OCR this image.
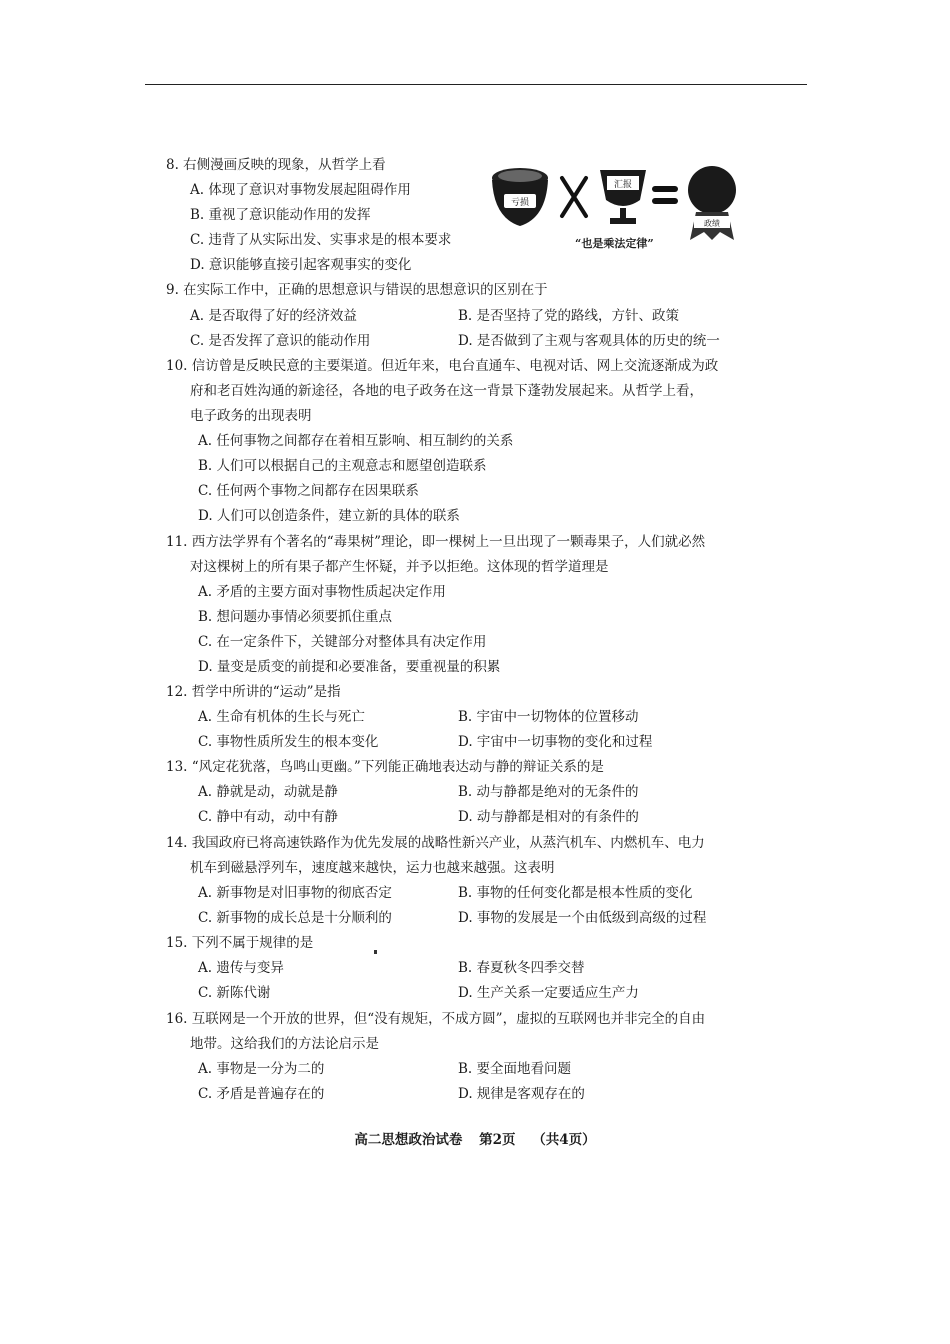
亏损
汇报
政绩
“也是乘法定律”
8. 右侧漫画反映的现象，从哲学上看
A. 体现了意识对事物发展起阻碍作用
B. 重视了意识能动作用的发挥
C. 违背了从实际出发、实事求是的根本要求
D. 意识能够直接引起客观事实的变化
9. 在实际工作中，正确的思想意识与错误的思想意识的区别在于
A. 是否取得了好的经济效益	B. 是否坚持了党的路线，方针、政策
C. 是否发挥了意识的能动作用	D. 是否做到了主观与客观具体的历史的统一
10. 信访曾是反映民意的主要渠道。但近年来，电台直通车、电视对话、网上交流逐渐成为政
府和老百姓沟通的新途径，各地的电子政务在这一背景下蓬勃发展起来。从哲学上看，
电子政务的出现表明
A. 任何事物之间都存在着相互影响、相互制约的关系
B. 人们可以根据自己的主观意志和愿望创造联系
C. 任何两个事物之间都存在因果联系
D. 人们可以创造条件，建立新的具体的联系
11. 西方法学界有个著名的“毒果树”理论，即一棵树上一旦出现了一颗毒果子，人们就必然
对这棵树上的所有果子都产生怀疑，并予以拒绝。这体现的哲学道理是
A. 矛盾的主要方面对事物性质起决定作用
B. 想问题办事情必须要抓住重点
C. 在一定条件下，关键部分对整体具有决定作用
D. 量变是质变的前提和必要准备，要重视量的积累
12. 哲学中所讲的“运动”是指
A. 生命有机体的生长与死亡	B. 宇宙中一切物体的位置移动
C. 事物性质所发生的根本变化	D. 宇宙中一切事物的变化和过程
13. “风定花犹落，鸟鸣山更幽。”下列能正确地表达动与静的辩证关系的是
A. 静就是动，动就是静	B. 动与静都是绝对的无条件的
C. 静中有动，动中有静	D. 动与静都是相对的有条件的
14. 我国政府已将高速铁路作为优先发展的战略性新兴产业，从蒸汽机车、内燃机车、电力
机车到磁悬浮列车，速度越来越快，运力也越来越强。这表明
A. 新事物是对旧事物的彻底否定	B. 事物的任何变化都是根本性质的变化
C. 新事物的成长总是十分顺利的	D. 事物的发展是一个由低级到高级的过程
15. 下列不属于规律的是
A. 遗传与变异	B. 春夏秋冬四季交替
C. 新陈代谢	D. 生产关系一定要适应生产力
16. 互联网是一个开放的世界，但“没有规矩，不成方圆”，虚拟的互联网也并非完全的自由
地带。这给我们的方法论启示是
A. 事物是一分为二的	B. 要全面地看问题
C. 矛盾是普遍存在的	D. 规律是客观存在的
高二思想政治试卷 第2页 （共4页）
